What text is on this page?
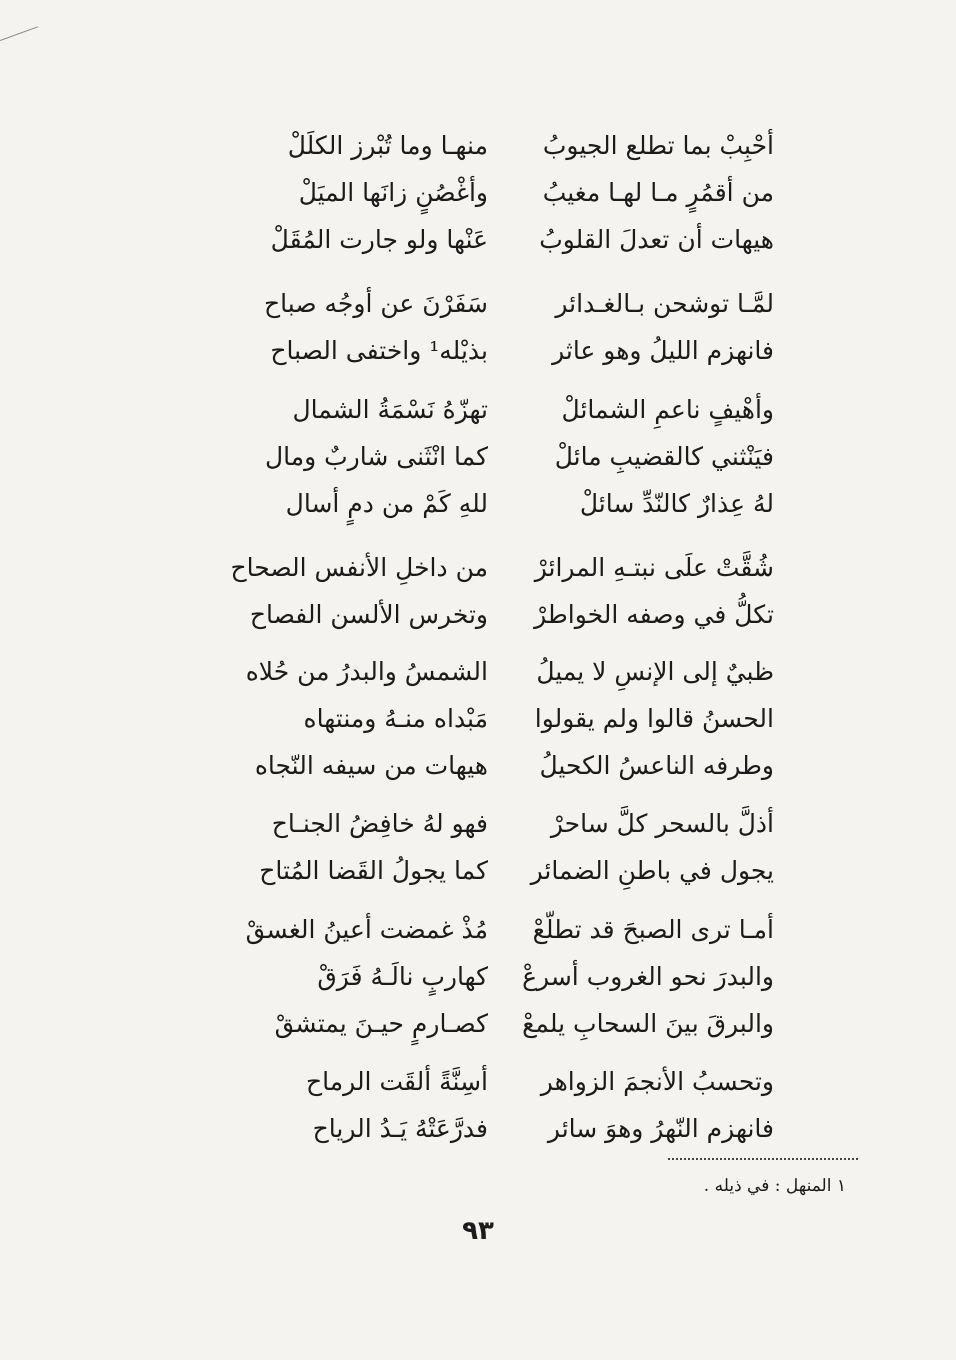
أحْبِبْ بما تطلع الجيوبُ
منهـا وما تُبْرز الكلَلْ
من أقمُرٍ مـا لهـا مغيبُ
وأغْصُنٍ زانَها الميَلْ
هيهات أن تعدلَ القلوبُ
عَنْها ولو جارت المُقَلْ
لمَّـا توشحن بـالغـدائر
سَفَرْنَ عن أوجُه صباح
فانهزم الليلُ وهو عاثر
بذيْله¹ واختفى الصباح
وأهْيفٍ ناعمِ الشمائلْ
تهزّهُ نَسْمَةُ الشمال
فيَنْثني كالقضيبِ مائلْ
كما انْثَنى شاربٌ ومال
لهُ عِذارٌ كالنّدِّ سائلْ
للهِ كَمْ من دمٍ أسال
شُقَّتْ علَى نبتـهِ المرائرْ
من داخلِ الأنفس الصحاح
تكلُّ في وصفه الخواطرْ
وتخرس الألسن الفصاح
ظبيٌ إلى الإنسِ لا يميلُ
الشمسُ والبدرُ من حُلاه
الحسنُ قالوا ولم يقولوا
مَبْداه منـهُ ومنتهاه
وطرفه الناعسُ الكحيلُ
هيهات من سيفه النّجاه
أذلَّ بالسحر كلَّ ساحرْ
فهو لهُ خافِضُ الجنـاح
يجول في باطنِ الضمائر
كما يجولُ القَضا المُتاح
أمـا ترى الصبحَ قد تطلّعْ
مُذْ غمضت أعينُ الغسقْ
والبدرَ نحو الغروب أسرعْ
كهاربٍ نالَـهُ فَرَقْ
والبرقَ بينَ السحابِ يلمعْ
كصـارمٍ حيـنَ يمتشقْ
وتحسبُ الأنجمَ الزواهر
أسِنَّةً ألقَت الرماح
فانهزم النّهرُ وهوَ سائر
فدرَّعَتْهُ يَـدُ الرياح
١ المنهل : في ذيله .
٩٣
